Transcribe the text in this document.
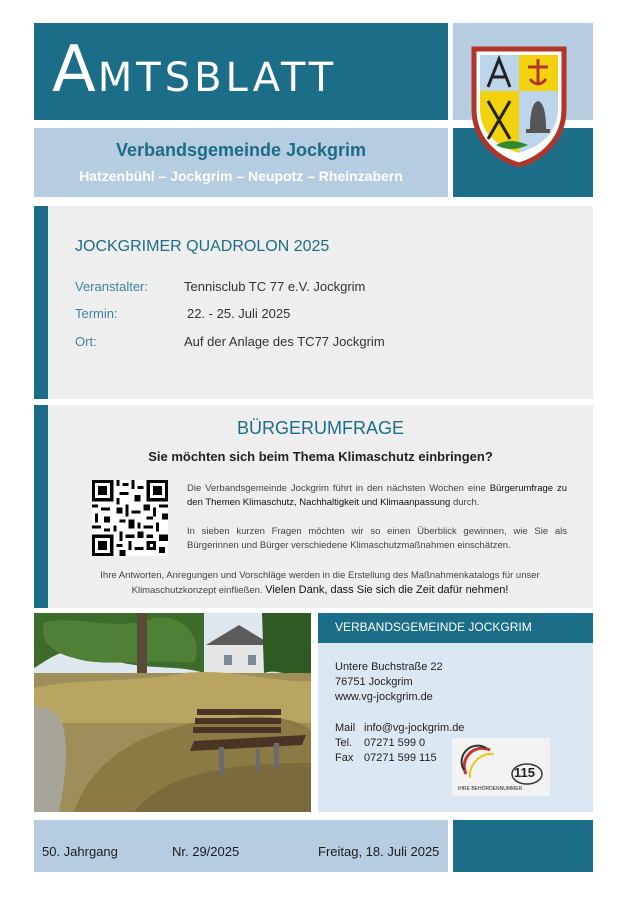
AMTSBLATT
Verbandsgemeinde Jockgrim
Hatzenbühl – Jockgrim – Neupotz – Rheinzabern
JOCKGRIMER QUADROLON 2025
Veranstalter:	Tennisclub TC 77 e.V. Jockgrim
Termin:	22. - 25. Juli 2025
Ort:	Auf der Anlage des TC77 Jockgrim
BÜRGERUMFRAGE
Sie möchten sich beim Thema Klimaschutz einbringen?
Die Verbandsgemeinde Jockgrim führt in den nächsten Wochen eine Bürgerumfrage zu den Themen Klimaschutz, Nachhaltigkeit und Klimaanpassung durch.
In sieben kurzen Fragen möchten wir so einen Überblick gewinnen, wie Sie als Bürgerinnen und Bürger verschiedene Klimaschutzmaßnahmen einschätzen.
Ihre Antworten, Anregungen und Vorschläge werden in die Erstellung des Maßnahmenkatalogs für unser Klimaschutzkonzept einfließen. Vielen Dank, dass Sie sich die Zeit dafür nehmen!
VERBANDSGEMEINDE JOCKGRIM
Untere Buchstraße 22
76751 Jockgrim
www.vg-jockgrim.de
Mail info@vg-jockgrim.de
Tel. 07271 599 0
Fax 07271 599 115
115
IHRE BEHÖRDENNUMMER
50. Jahrgang	Nr. 29/2025	Freitag, 18. Juli 2025
